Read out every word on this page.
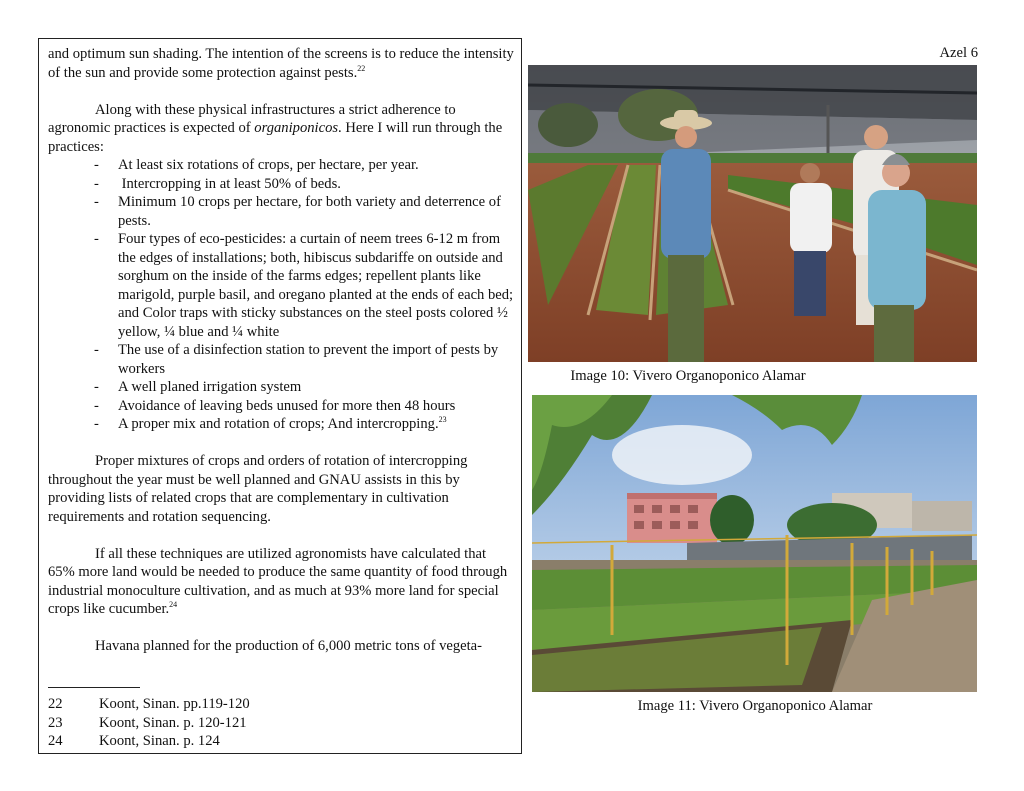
Azel 6

and optimum sun shading. The intention of the screens is to reduce the intensity of the sun and provide some protection against pests.$^{22}$

Along with these physical infrastructures a strict adherence to agronomic practices is expected of organiponicos. Here I will run through the practices:

- At least six rotations of crops, per hectare, per year.
- Intercropping in at least 50% of beds.
- Minimum 10 crops per hectare, for both variety and deterrence of pests.
- Four types of eco-pesticides: a curtain of neem trees 6-12 m from the edges of installations; both, hibiscus subdariffe on outside and sorghum on the inside of the farms edges; repellent plants like marigold, purple basil, and oregano planted at the ends of each bed; and Color traps with sticky substances on the steel posts colored ½ yellow, ¼ blue and ¼ white
- The use of a disinfection station to prevent the import of pests by workers
- A well planed irrigation system
- Avoidance of leaving beds unused for more then 48 hours
- A proper mix and rotation of crops; And intercropping.$^{23}$

Proper mixtures of crops and orders of rotation of intercropping throughout the year must be well planned and GNAU assists in this by providing lists of related crops that are complementary in cultivation requirements and rotation sequencing.

If all these techniques are utilized agronomists have calculated that 65% more land would be needed to produce the same quantity of food through industrial monoculture cultivation, and as much at 93% more land for special crops like cucumber.$^{24}$

Havana planned for the production of 6,000 metric tons of vegeta-

22 Koont, Sinan. pp.119-120
23 Koont, Sinan. p. 120-121
24 Koont, Sinan. p. 124
Image 10: Vivero Organoponico Alamar
Image 11: Vivero Organoponico Alamar
